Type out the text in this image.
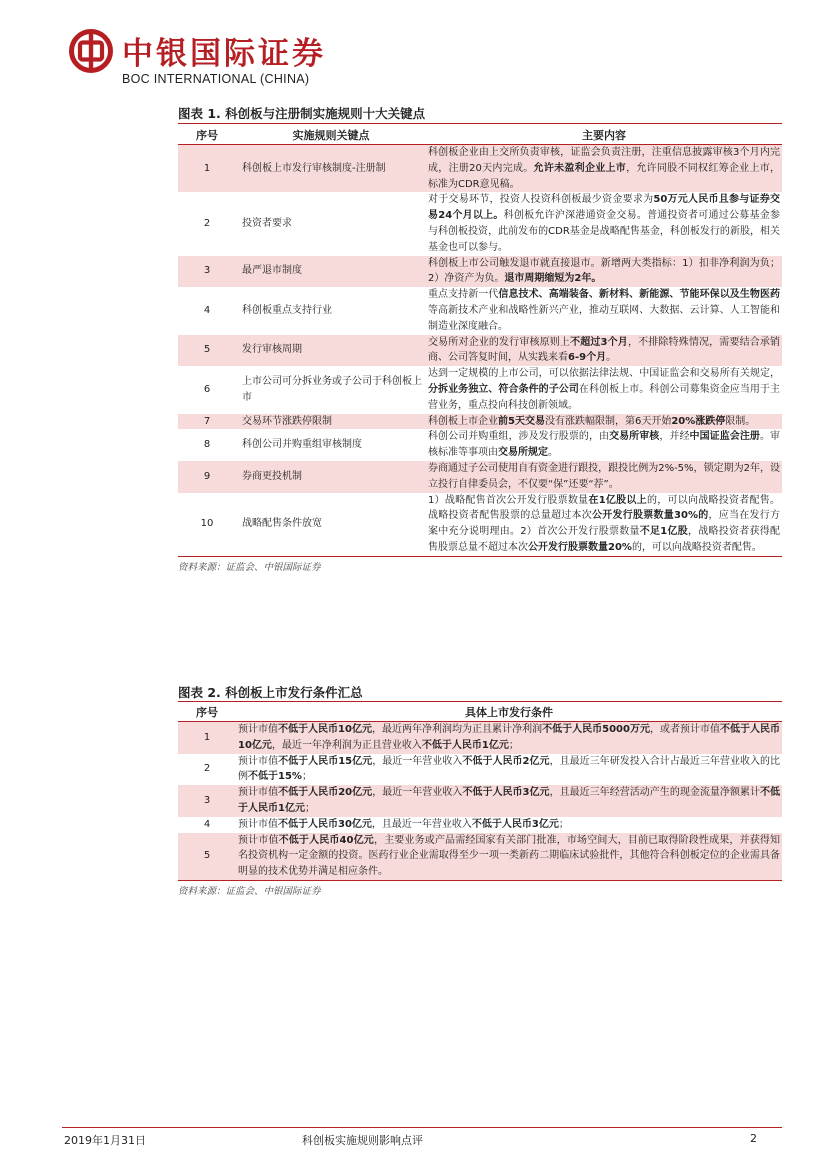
中银国际证券
BOC INTERNATIONAL (CHINA)
图表 1. 科创板与注册制实施规则十大关键点
序号	实施规则关键点	主要内容
1	科创板上市发行审核制度-注册制	科创板企业由上交所负责审核，证监会负责注册，注重信息披露审核3个月内完成，注册20天内完成。允许未盈利企业上市，允许同股不同权红筹企业上市，标准为CDR意见稿。
2	投资者要求	对于交易环节，投资人投资科创板最少资金要求为50万元人民币且参与证券交易24个月以上。科创板允许沪深港通资金交易。普通投资者可通过公募基金参与科创板投资，此前发布的CDR基金是战略配售基金，科创板发行的新股，相关基金也可以参与。
3	最严退市制度	科创板上市公司触发退市就直接退市。新增两大类指标：1）扣非净利润为负；2）净资产为负。退市周期缩短为2年。
4	科创板重点支持行业	重点支持新一代信息技术、高端装备、新材料、新能源、节能环保以及生物医药等高新技术产业和战略性新兴产业，推动互联网、大数据、云计算、人工智能和制造业深度融合。
5	发行审核周期	交易所对企业的发行审核原则上不超过3个月，不排除特殊情况，需要结合承销商、公司答复时间，从实践来看6-9个月。
6	上市公司可分拆业务或子公司于科创板上市	达到一定规模的上市公司，可以依据法律法规、中国证监会和交易所有关规定，分拆业务独立、符合条件的子公司在科创板上市。科创公司募集资金应当用于主营业务，重点投向科技创新领域。
7	交易环节涨跌停限制	科创板上市企业前5天交易没有涨跌幅限制，第6天开始20%涨跌停限制。
8	科创公司并购重组审核制度	科创公司并购重组，涉及发行股票的，由交易所审核，并经中国证监会注册。审核标准等事项由交易所规定。
9	券商更投机制	券商通过子公司使用自有资金进行跟投，跟投比例为2%-5%，锁定期为2年，设立投行自律委员会，不仅要“保”还要“荐”。
10	战略配售条件放宽	1）战略配售首次公开发行股票数量在1亿股以上的，可以向战略投资者配售。战略投资者配售股票的总量超过本次公开发行股票数量30%的，应当在发行方案中充分说明理由。2）首次公开发行股票数量不足1亿股，战略投资者获得配售股票总量不超过本次公开发行股票数量20%的，可以向战略投资者配售。
资料来源：证监会、中银国际证券
图表 2. 科创板上市发行条件汇总
序号	具体上市发行条件
1	预计市值不低于人民币10亿元，最近两年净利润均为正且累计净利润不低于人民币5000万元，或者预计市值不低于人民币10亿元，最近一年净利润为正且营业收入不低于人民币1亿元；
2	预计市值不低于人民币15亿元，最近一年营业收入不低于人民币2亿元，且最近三年研发投入合计占最近三年营业收入的比例不低于15%；
3	预计市值不低于人民币20亿元，最近一年营业收入不低于人民币3亿元，且最近三年经营活动产生的现金流量净额累计不低于人民币1亿元；
4	预计市值不低于人民币30亿元，且最近一年营业收入不低于人民币3亿元；
5	预计市值不低于人民币40亿元，主要业务或产品需经国家有关部门批准，市场空间大，目前已取得阶段性成果，并获得知名投资机构一定金额的投资。医药行业企业需取得至少一项一类新药二期临床试验批件，其他符合科创板定位的企业需具备明显的技术优势并满足相应条件。
资料来源：证监会、中银国际证券
2019年1月31日	科创板实施规则影响点评	2
